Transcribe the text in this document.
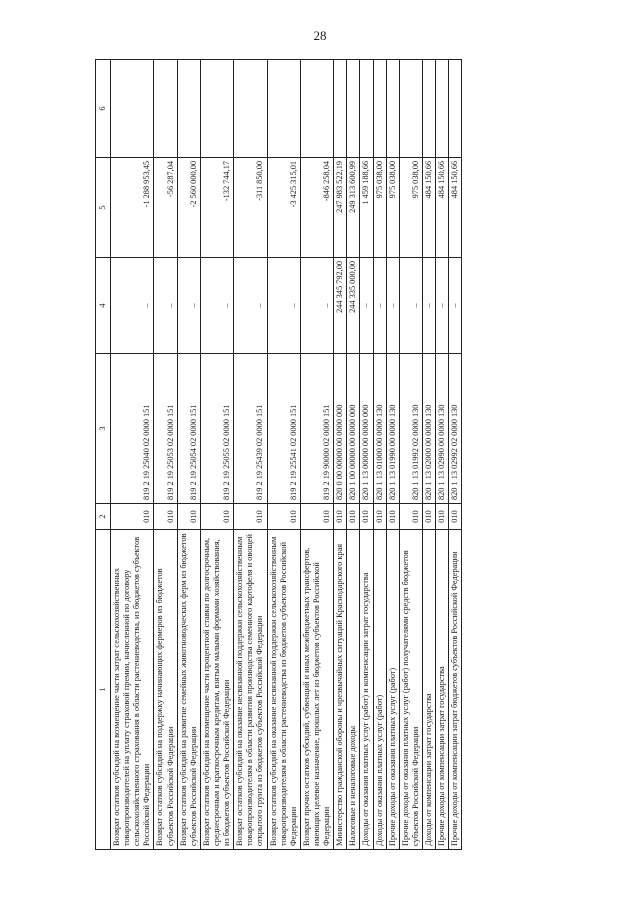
28
1	2	3	4	5	6
Возврат остатков субсидий на возмещение части затрат сельскохозяйственных товаропроизводителей на уплату страховой премии, начисленной по договору сельскохозяйственного страхования в области растениеводства, из бюджетов субъектов Российской Федерации	010	819 2 19 25040 02 0000 151	–	-1 288 953,45	
Возврат остатков субсидий на поддержку начинающих фермеров из бюджетов субъектов Российской Федерации	010	819 2 19 25053 02 0000 151	–	-56 287,04	
Возврат остатков субсидий на развитие семейных животноводческих ферм из бюджетов субъектов Российской Федерации	010	819 2 19 25054 02 0000 151	–	-2 560 000,00	
Возврат остатков субсидий на возмещение части процентной ставки по долгосрочным, среднесрочным и краткосрочным кредитам, взятым малыми формами хозяйствования, из бюджетов субъектов Российской Федерации	010	819 2 19 25055 02 0000 151	–	-132 744,17	
Возврат остатков субсидий на оказание несвязанной поддержки сельскохозяйственным товаропроизводителям в области развития производства семенного картофеля и овощей открытого грунта из бюджетов субъектов Российской Федерации	010	819 2 19 25439 02 0000 151	–	-311 850,00	
Возврат остатков субсидий на оказание несвязанной поддержки сельскохозяйственным товаропроизводителям в области растениеводства из бюджетов субъектов Российской Федерации	010	819 2 19 25541 02 0000 151	–	-3 425 315,01	
Возврат прочих остатков субсидий, субвенций и иных межбюджетных трансфертов, имеющих целевое назначение, прошлых лет из бюджетов субъектов Российской Федерации	010	819 2 19 90000 02 0000 151	–	-846 258,04	
Министерство гражданской обороны и чрезвычайных ситуаций Краснодарского края	010	820 0 00 00000 00 0000 000	244 345 792,00	247 983 522,19	
Налоговые и неналоговые доходы	010	820 1 00 00000 00 0000 000	244 335 000,00	249 313 600,99	
Доходы от оказания платных услуг (работ) и компенсации затрат государства	010	820 1 13 00000 00 0000 000	–	1 459 188,66	
Доходы от оказания платных услуг (работ)	010	820 1 13 01000 00 0000 130	–	975 038,00	
Прочие доходы от оказания платных услуг (работ)	010	820 1 13 01990 00 0000 130	–	975 038,00	
Прочие доходы от оказания платных услуг (работ) получателями средств бюджетов субъектов Российской Федерации	010	820 1 13 01992 02 0000 130	–	975 038,00	
Доходы от компенсации затрат государства	010	820 1 13 02000 00 0000 130	–	484 150,66	
Прочие доходы от компенсации затрат государства	010	820 1 13 02990 00 0000 130	–	484 150,66	
Прочие доходы от компенсации затрат бюджетов субъектов Российской Федерации	010	820 1 13 02992 02 0000 130	–	484 150,66	
